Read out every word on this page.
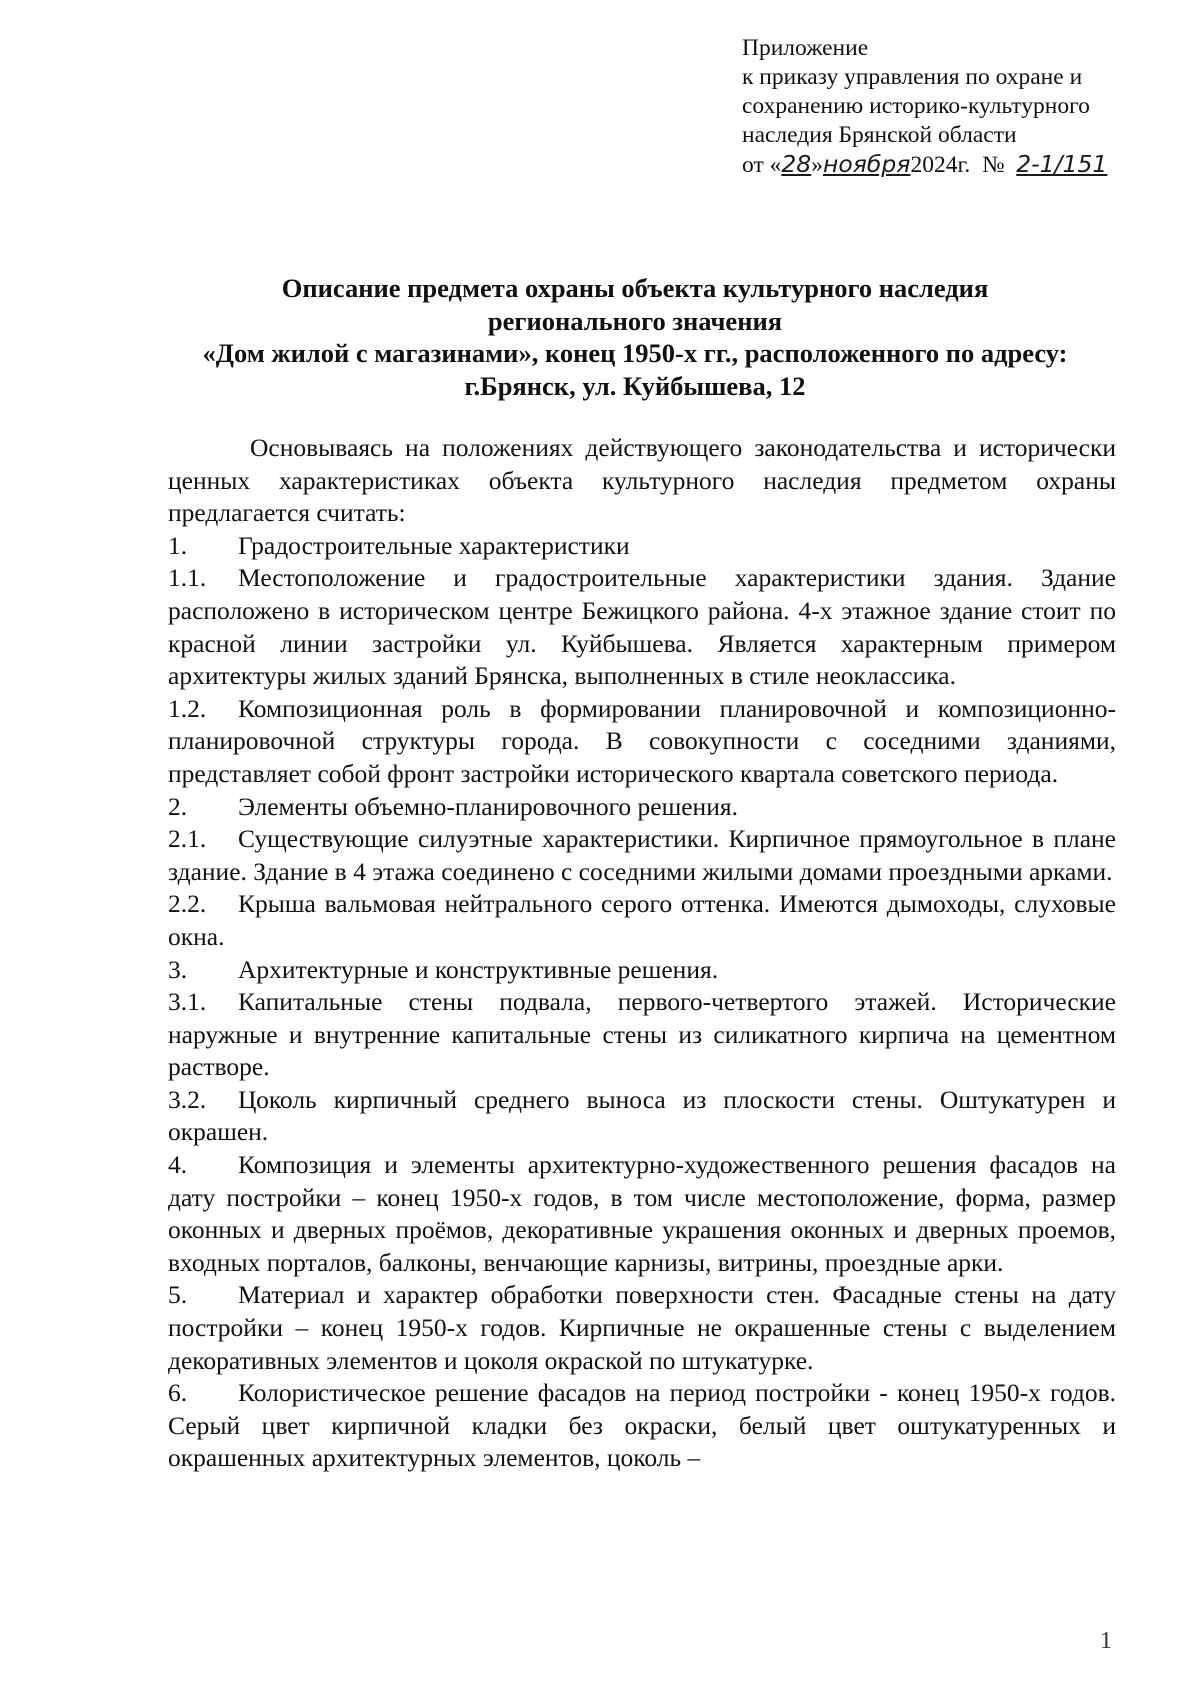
Приложение
к приказу управления по охране и
сохранению историко-культурного
наследия Брянской области
от «28»ноября2024г. № 2-1/151
Описание предмета охраны объекта культурного наследия
регионального значения
«Дом жилой с магазинами», конец 1950-х гг., расположенного по адресу:
г.Брянск, ул. Куйбышева, 12

Основываясь на положениях действующего законодательства и исторически ценных характеристиках объекта культурного наследия предметом охраны предлагается считать:

1. Градостроительные характеристики

1.1. Местоположение и градостроительные характеристики здания. Здание расположено в историческом центре Бежицкого района. 4-х этажное здание стоит по красной линии застройки ул. Куйбышева. Является характерным примером архитектуры жилых зданий Брянска, выполненных в стиле неоклассика.

1.2. Композиционная роль в формировании планировочной и композиционно-планировочной структуры города. В совокупности с соседними зданиями, представляет собой фронт застройки исторического квартала советского периода.

2. Элементы объемно-планировочного решения.

2.1. Существующие силуэтные характеристики. Кирпичное прямоугольное в плане здание. Здание в 4 этажа соединено с соседними жилыми домами проездными арками.

2.2. Крыша вальмовая нейтрального серого оттенка. Имеются дымоходы, слуховые окна.

3. Архитектурные и конструктивные решения.

3.1. Капитальные стены подвала, первого-четвертого этажей. Исторические наружные и внутренние капитальные стены из силикатного кирпича на цементном растворе.

3.2. Цоколь кирпичный среднего выноса из плоскости стены. Оштукатурен и окрашен.

4. Композиция и элементы архитектурно-художественного решения фасадов на дату постройки – конец 1950-х годов, в том числе местоположение, форма, размер оконных и дверных проёмов, декоративные украшения оконных и дверных проемов, входных порталов, балконы, венчающие карнизы, витрины, проездные арки.

5. Материал и характер обработки поверхности стен. Фасадные стены на дату постройки – конец 1950-х годов. Кирпичные не окрашенные стены с выделением декоративных элементов и цоколя окраской по штукатурке.

6. Колористическое решение фасадов на период постройки - конец 1950-х годов. Серый цвет кирпичной кладки без окраски, белый цвет оштукатуренных и окрашенных архитектурных элементов, цоколь –

1
